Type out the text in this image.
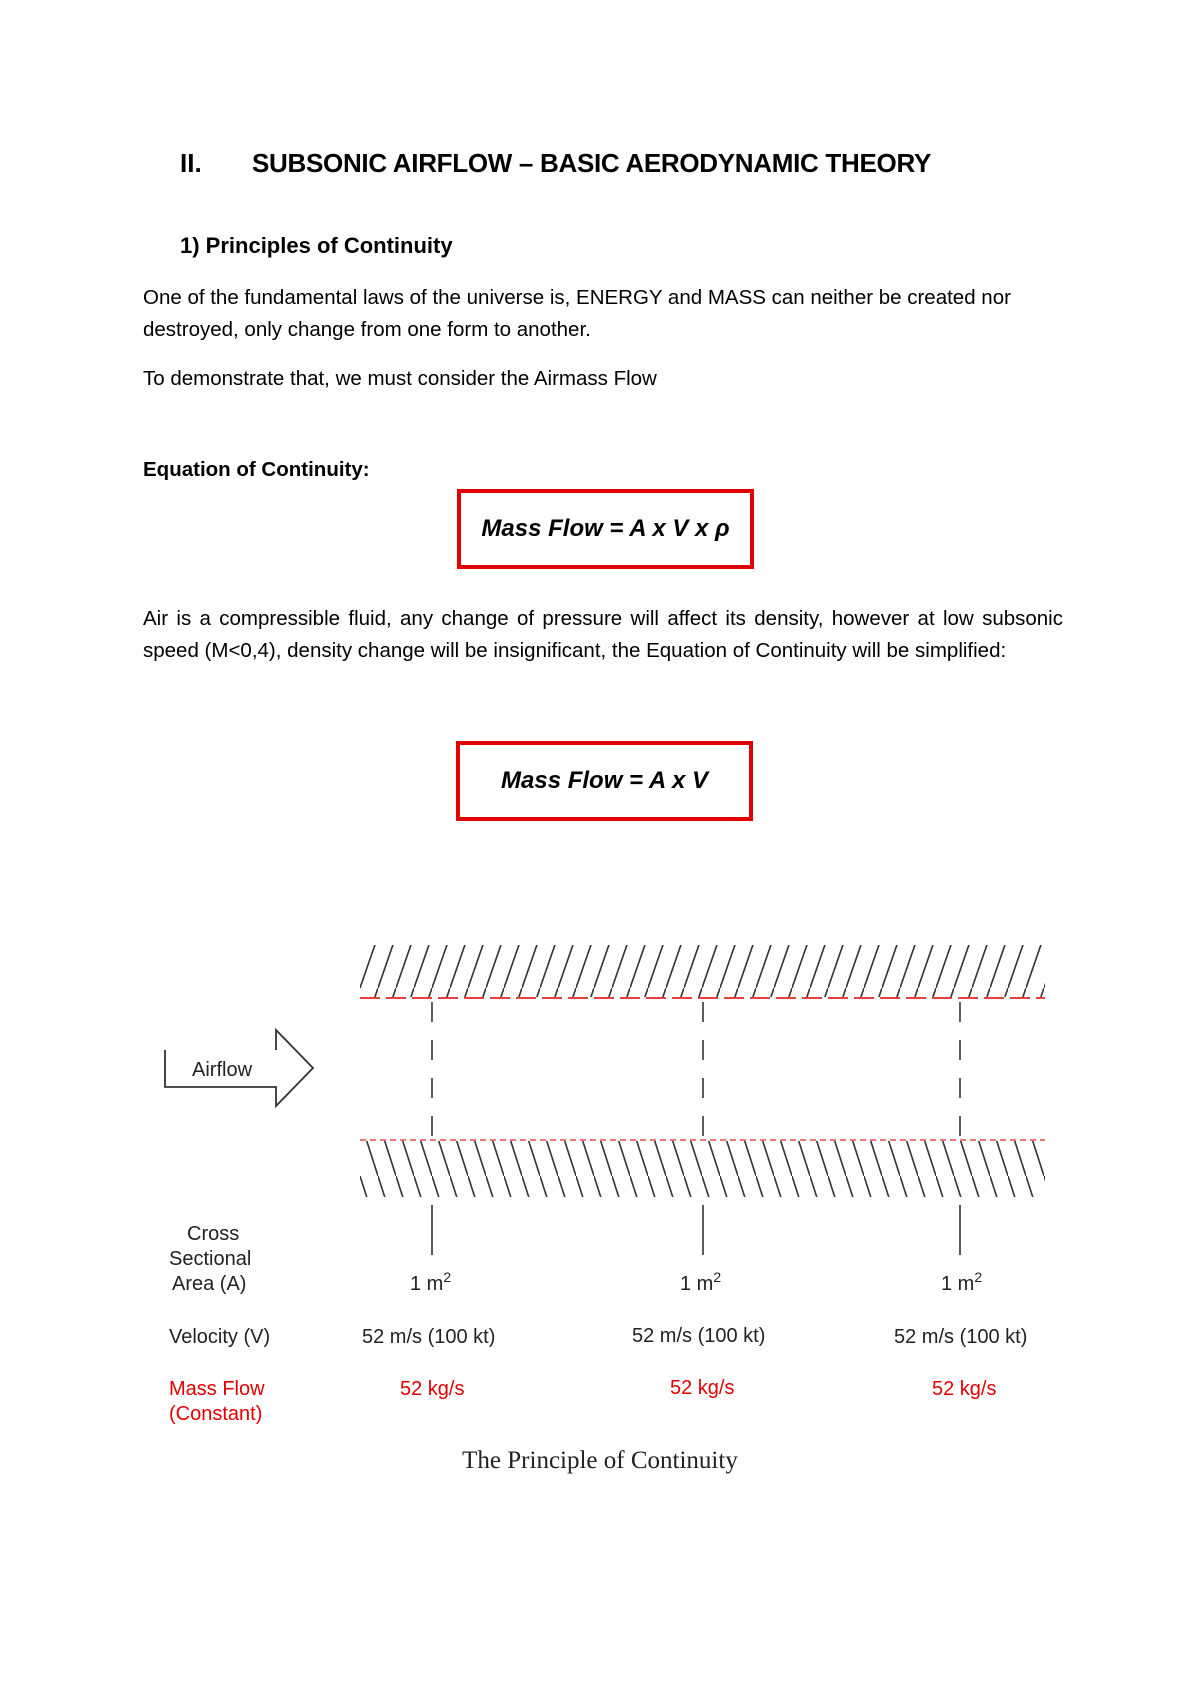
II. SUBSONIC AIRFLOW – BASIC AERODYNAMIC THEORY
1) Principles of Continuity
One of the fundamental laws of the universe is, ENERGY and MASS can neither be created nor destroyed, only change from one form to another.
To demonstrate that, we must consider the Airmass Flow
Equation of Continuity:
Mass Flow = A x V x ρ
Air is a compressible fluid, any change of pressure will affect its density, however at low subsonic speed (M<0,4), density change will be insignificant, the Equation of Continuity will be simplified:
Mass Flow = A x V
Airflow
Cross
Sectional
Area (A)
Velocity (V)
Mass Flow
(Constant)
1 $m^2$
52 m/s (100 kt)
52 kg/s
1 $m^2$
52 m/s (100 kt)
52 kg/s
1 $m^2$
52 m/s (100 kt)
52 kg/s
The Principle of Continuity
